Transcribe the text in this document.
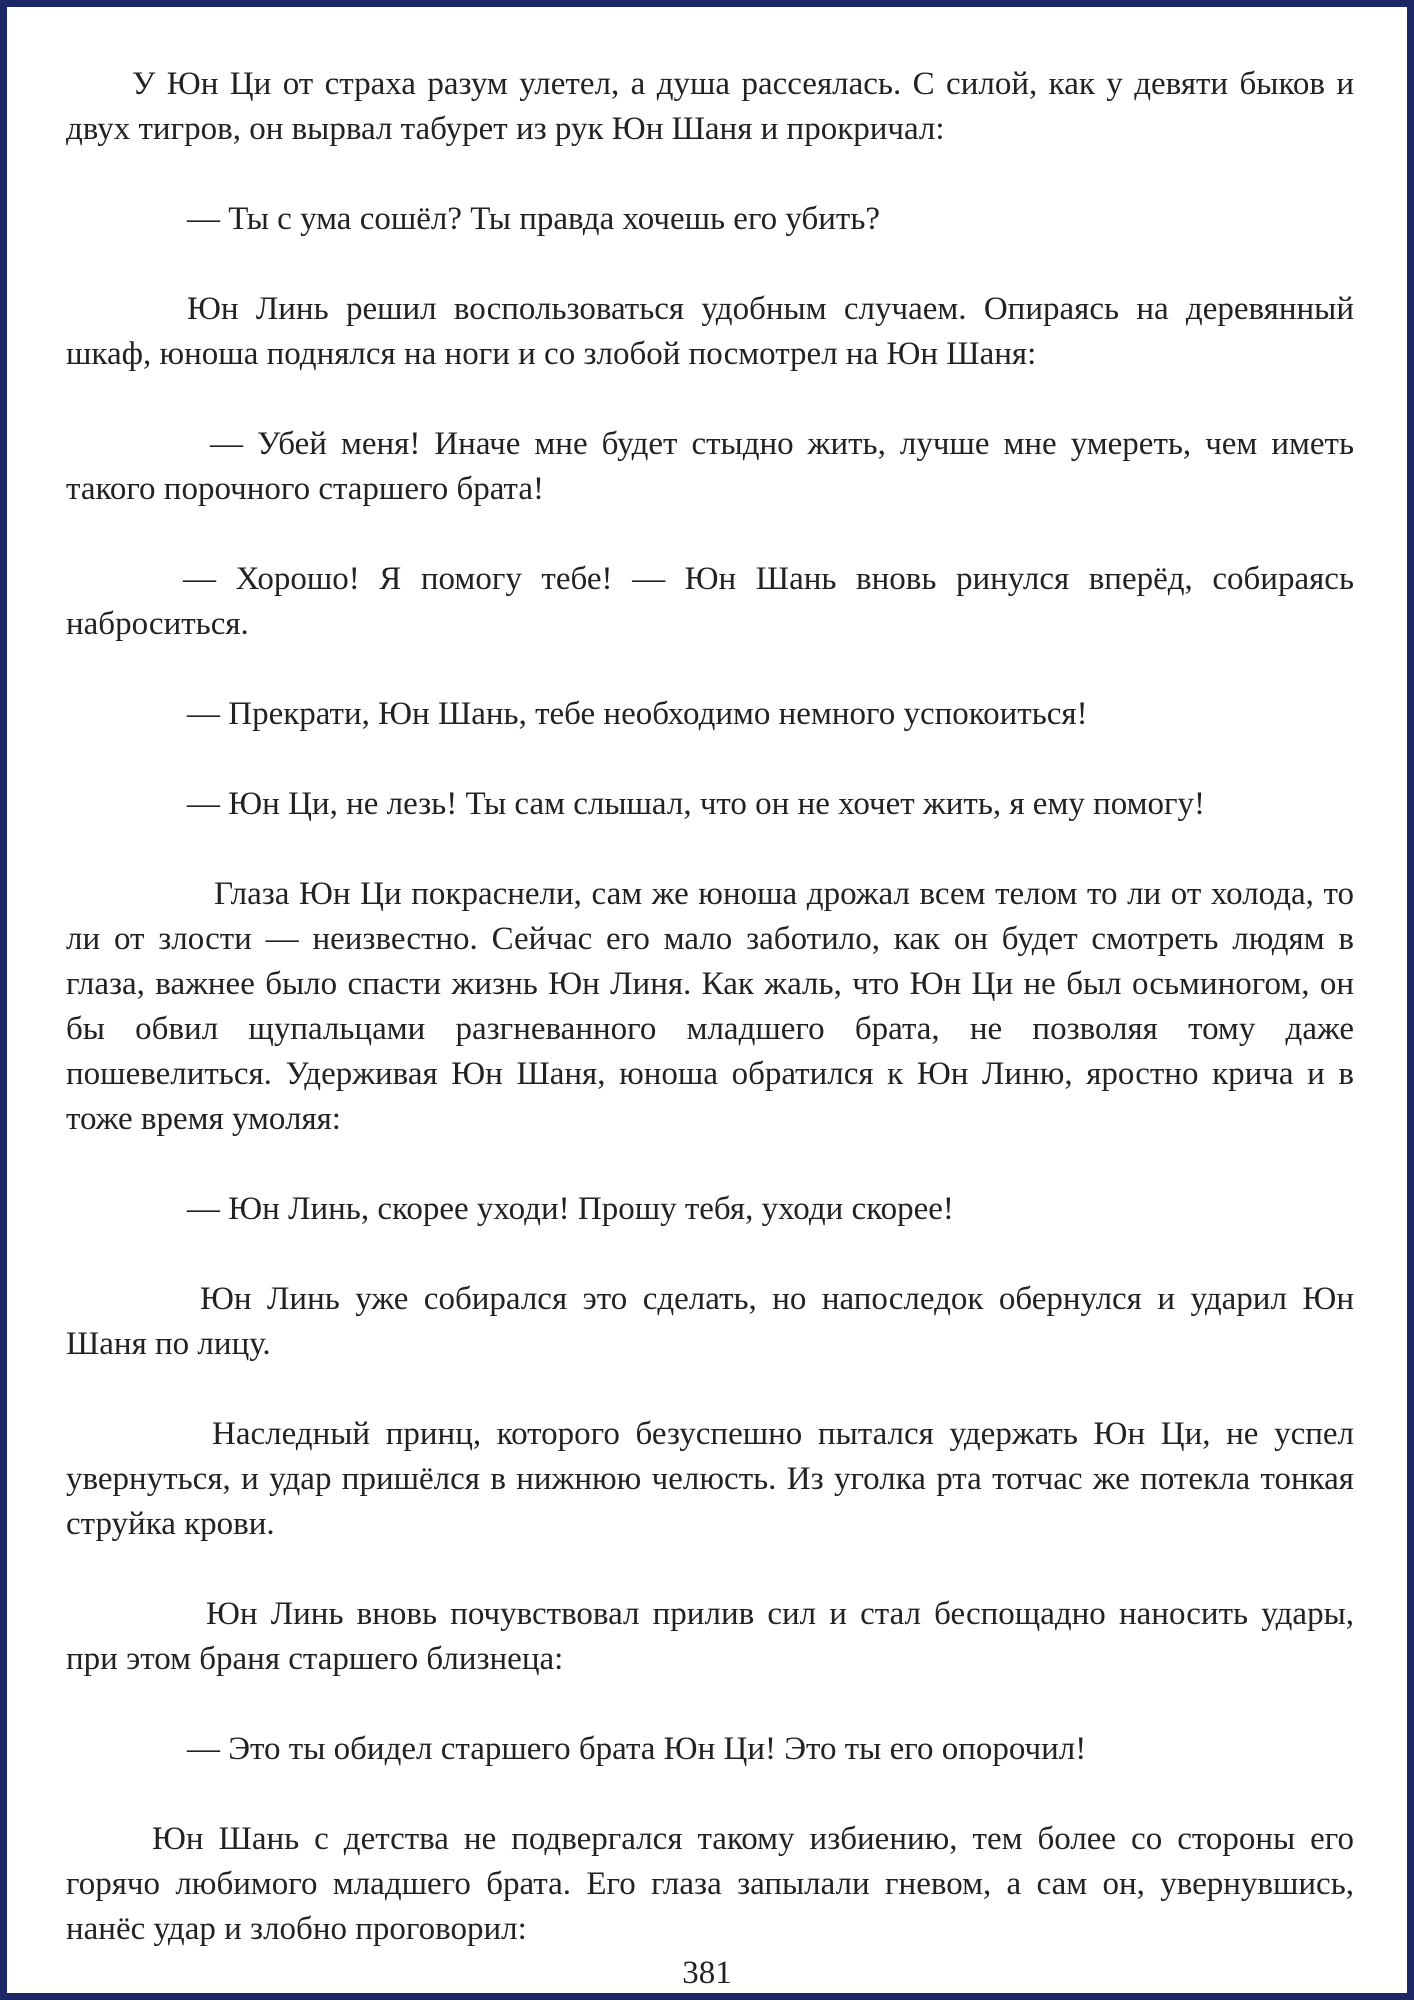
У Юн Ци от страха разум улетел, а душа рассеялась. С силой, как у девяти быков и двух тигров, он вырвал табурет из рук Юн Шаня и прокричал:

— Ты с ума сошёл? Ты правда хочешь его убить?

Юн Линь решил воспользоваться удобным случаем. Опираясь на деревянный шкаф, юноша поднялся на ноги и со злобой посмотрел на Юн Шаня:

— Убей меня! Иначе мне будет стыдно жить, лучше мне умереть, чем иметь такого порочного старшего брата!

— Хорошо! Я помогу тебе! — Юн Шань вновь ринулся вперёд, собираясь наброситься.

— Прекрати, Юн Шань, тебе необходимо немного успокоиться!

— Юн Ци, не лезь! Ты сам слышал, что он не хочет жить, я ему помогу!

Глаза Юн Ци покраснели, сам же юноша дрожал всем телом то ли от холода, то ли от злости — неизвестно. Сейчас его мало заботило, как он будет смотреть людям в глаза, важнее было спасти жизнь Юн Линя. Как жаль, что Юн Ци не был осьминогом, он бы обвил щупальцами разгневанного младшего брата, не позволяя тому даже пошевелиться. Удерживая Юн Шаня, юноша обратился к Юн Линю, яростно крича и в тоже время умоляя:

— Юн Линь, скорее уходи! Прошу тебя, уходи скорее!

Юн Линь уже собирался это сделать, но напоследок обернулся и ударил Юн Шаня по лицу.

Наследный принц, которого безуспешно пытался удержать Юн Ци, не успел увернуться, и удар пришёлся в нижнюю челюсть. Из уголка рта тотчас же потекла тонкая струйка крови.

Юн Линь вновь почувствовал прилив сил и стал беспощадно наносить удары, при этом браня старшего близнеца:

— Это ты обидел старшего брата Юн Ци! Это ты его опорочил!

Юн Шань с детства не подвергался такому избиению, тем более со стороны его горячо любимого младшего брата. Его глаза запылали гневом, а сам он, увернувшись, нанёс удар и злобно проговорил:

381
